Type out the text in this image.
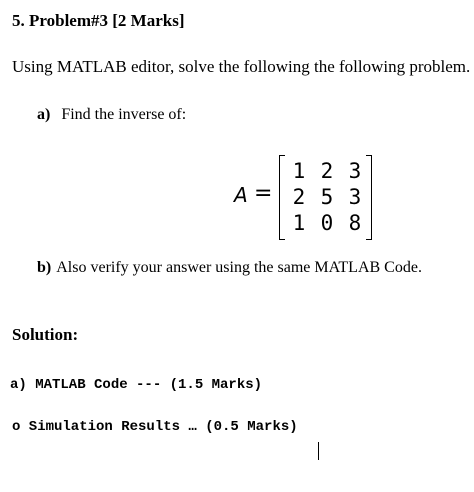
5. Problem#3 [2 Marks]
Using MATLAB editor, solve the following the following problem.
a) Find the inverse of:
A =
1 2 3
2 5 3
1 0 8
b) Also verify your answer using the same MATLAB Code.
Solution:
a) MATLAB Code --- (1.5 Marks)
o Simulation Results … (0.5 Marks)
